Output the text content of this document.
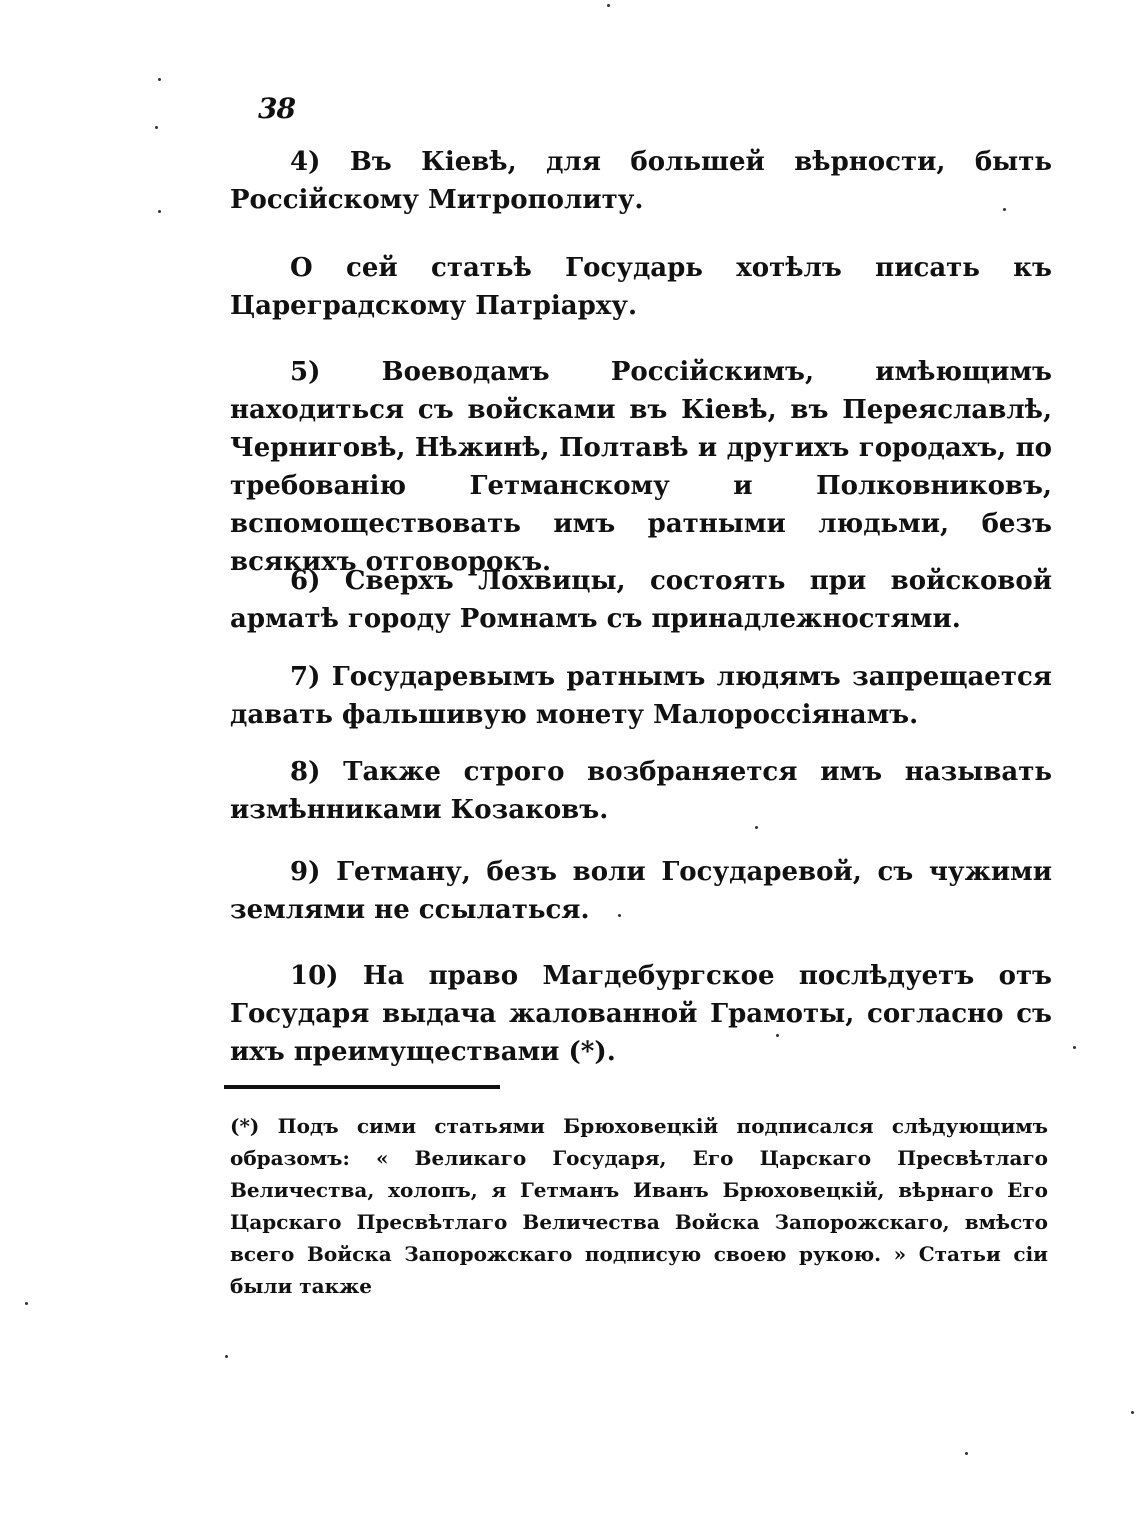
38

4) Въ Кіевѣ, для большей вѣрности, быть Россійскому Митрополиту.

О сей статьѣ Государь хотѣлъ писать къ Цареградскому Патріарху.

5) Воеводамъ Россійскимъ, имѣющимъ находиться съ войсками въ Кіевѣ, въ Переяславлѣ, Черниговѣ, Нѣжинѣ, Полтавѣ и другихъ городахъ, по требованію Гетманскому и Полковниковъ, вспомоществовать имъ ратными людьми, безъ всякихъ отговорокъ.

6) Сверхъ Лохвицы, состоять при войсковой арматѣ городу Ромнамъ съ принадлежностями.

7) Государевымъ ратнымъ людямъ запрещается давать фальшивую монету Малороссіянамъ.

8) Также строго возбраняется имъ называть измѣнниками Козаковъ.

9) Гетману, безъ воли Государевой, съ чужими землями не ссылаться.

10) На право Магдебургское послѣдуетъ отъ Государя выдача жалованной Грамоты, согласно съ ихъ преимуществами (*).

(*) Подъ сими статьями Брюховецкій подписался слѣдующимъ образомъ: « Великаго Государя, Его Царскаго Пресвѣтлаго Величества, холопъ, я Гетманъ Иванъ Брюховецкій, вѣрнаго Его Царскаго Пресвѣтлаго Величества Войска Запорожскаго, вмѣсто всего Войска Запорожскаго подписую своею рукою. » Статьи сіи были также
